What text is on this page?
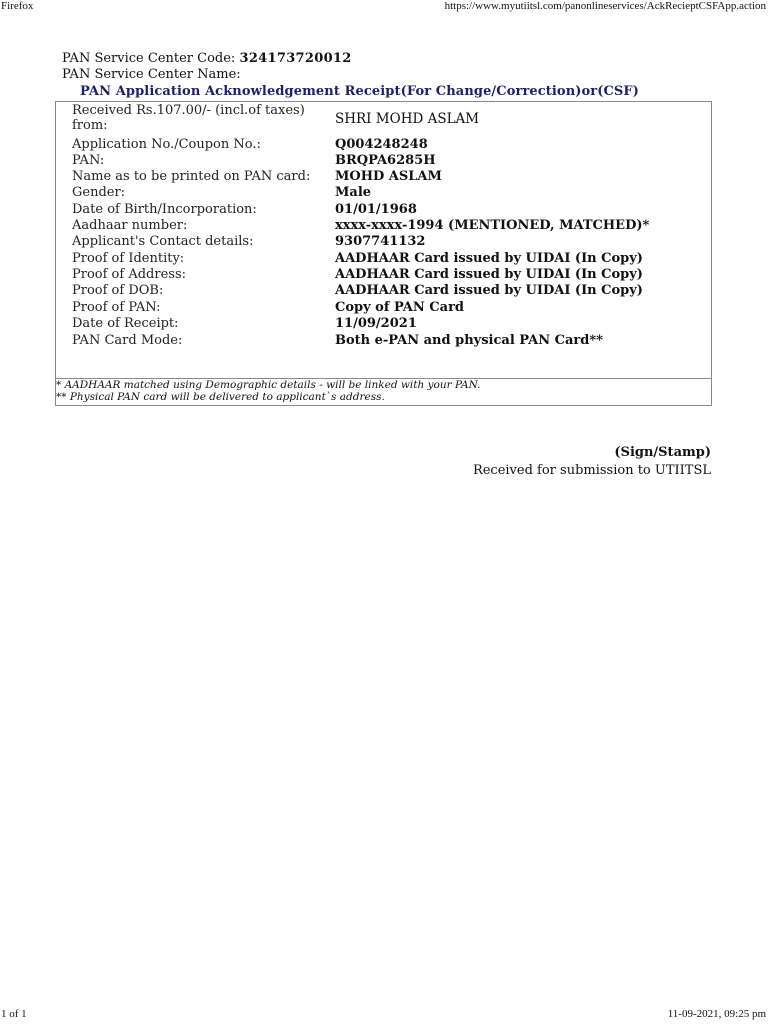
Firefox	https://www.myutiitsl.com/panonlineservices/AckRecieptCSFApp.action
PAN Service Center Code: 324173720012
PAN Service Center Name:
PAN Application Acknowledgement Receipt(For Change/Correction)or(CSF)
Received Rs.107.00/- (incl.of taxes)
from:	SHRI MOHD ASLAM
Application No./Coupon No.:	Q004248248
PAN:	BRQPA6285H
Name as to be printed on PAN card:	MOHD ASLAM
Gender:	Male
Date of Birth/Incorporation:	01/01/1968
Aadhaar number:	xxxx-xxxx-1994 (MENTIONED, MATCHED)*
Applicant's Contact details:	9307741132
Proof of Identity:	AADHAAR Card issued by UIDAI (In Copy)
Proof of Address:	AADHAAR Card issued by UIDAI (In Copy)
Proof of DOB:	AADHAAR Card issued by UIDAI (In Copy)
Proof of PAN:	Copy of PAN Card
Date of Receipt:	11/09/2021
PAN Card Mode:	Both e-PAN and physical PAN Card**
* AADHAAR matched using Demographic details - will be linked with your PAN.
** Physical PAN card will be delivered to applicant`s address.
(Sign/Stamp)
Received for submission to UTIITSL
1 of 1	11-09-2021, 09:25 pm
